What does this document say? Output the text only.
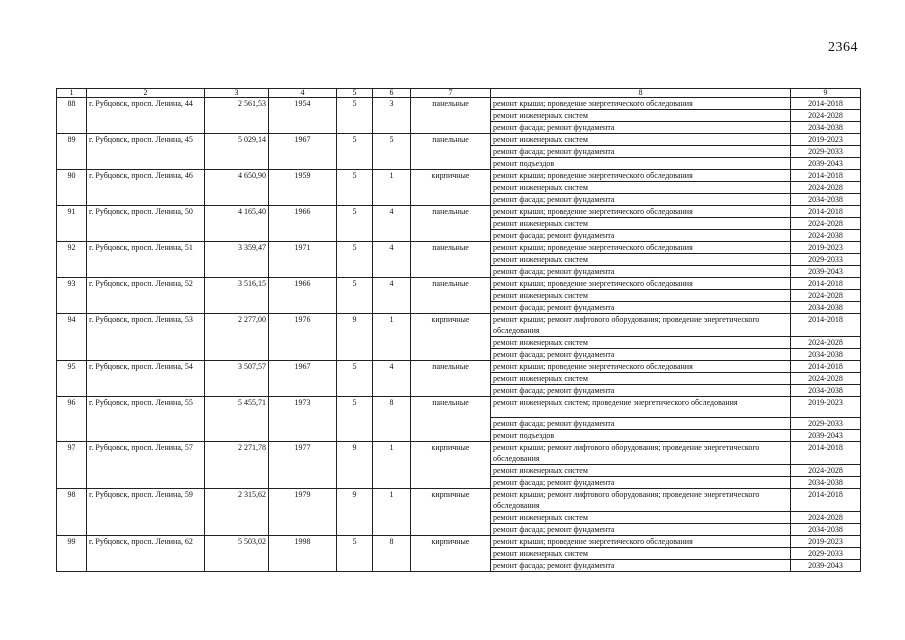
2364
1	2	3	4	5	6	7	8	9
88	г. Рубцовск, просп. Ленина, 44	2 561,53	1954	5	3	панельные	ремонт крыши; проведение энергетического обследования	2014-2018
							ремонт инженерных систем	2024-2028
							ремонт фасада; ремонт фундамента	2034-2038
89	г. Рубцовск, просп. Ленина, 45	5 029,14	1967	5	5	панельные	ремонт инженерных систем	2019-2023
							ремонт фасада; ремонт фундамента	2029-2033
							ремонт подъездов	2039-2043
90	г. Рубцовск, просп. Ленина, 46	4 650,90	1959	5	1	кирпичные	ремонт крыши; проведение энергетического обследования	2014-2018
							ремонт инженерных систем	2024-2028
							ремонт фасада; ремонт фундамента	2034-2038
91	г. Рубцовск, просп. Ленина, 50	4 165,40	1966	5	4	панельные	ремонт крыши; проведение энергетического обследования	2014-2018
							ремонт инженерных систем	2024-2028
							ремонт фасада; ремонт фундамента	2024-2038
92	г. Рубцовск, просп. Ленина, 51	3 359,47	1971	5	4	панельные	ремонт крыши; проведение энергетического обследования	2019-2023
							ремонт инженерных систем	2029-2033
							ремонт фасада; ремонт фундамента	2039-2043
93	г. Рубцовск, просп. Ленина, 52	3 516,15	1966	5	4	панельные	ремонт крыши; проведение энергетического обследования	2014-2018
							ремонт инженерных систем	2024-2028
							ремонт фасада; ремонт фундамента	2034-2038
94	г. Рубцовск, просп. Ленина, 53	2 277,00	1976	9	1	кирпичные	ремонт крыши; ремонт лифтового оборудования; проведение энергетического обследования	2014-2018
							ремонт инженерных систем	2024-2028
							ремонт фасада; ремонт фундамента	2034-2038
95	г. Рубцовск, просп. Ленина, 54	3 507,57	1967	5	4	панельные	ремонт крыши; проведение энергетического обследования	2014-2018
							ремонт инженерных систем	2024-2028
							ремонт фасада; ремонт фундамента	2034-2038
96	г. Рубцовск, просп. Ленина, 55	5 455,71	1973	5	8	панельные	ремонт инженерных систем; проведение энергетического обследования	2019-2023
							ремонт фасада; ремонт фундамента	2029-2033
							ремонт подъездов	2039-2043
97	г. Рубцовск, просп. Ленина, 57	2 271,78	1977	9	1	кирпичные	ремонт крыши; ремонт лифтового оборудования; проведение энергетического обследования	2014-2018
							ремонт инженерных систем	2024-2028
							ремонт фасада; ремонт фундамента	2034-2038
98	г. Рубцовск, просп. Ленина, 59	2 315,62	1979	9	1	кирпичные	ремонт крыши; ремонт лифтового оборудования; проведение энергетического обследования	2014-2018
							ремонт инженерных систем	2024-2028
							ремонт фасада; ремонт фундамента	2034-2038
99	г. Рубцовск, просп. Ленина, 62	5 503,02	1998	5	8	кирпичные	ремонт крыши; проведение энергетического обследования	2019-2023
							ремонт инженерных систем	2029-2033
							ремонт фасада; ремонт фундамента	2039-2043
